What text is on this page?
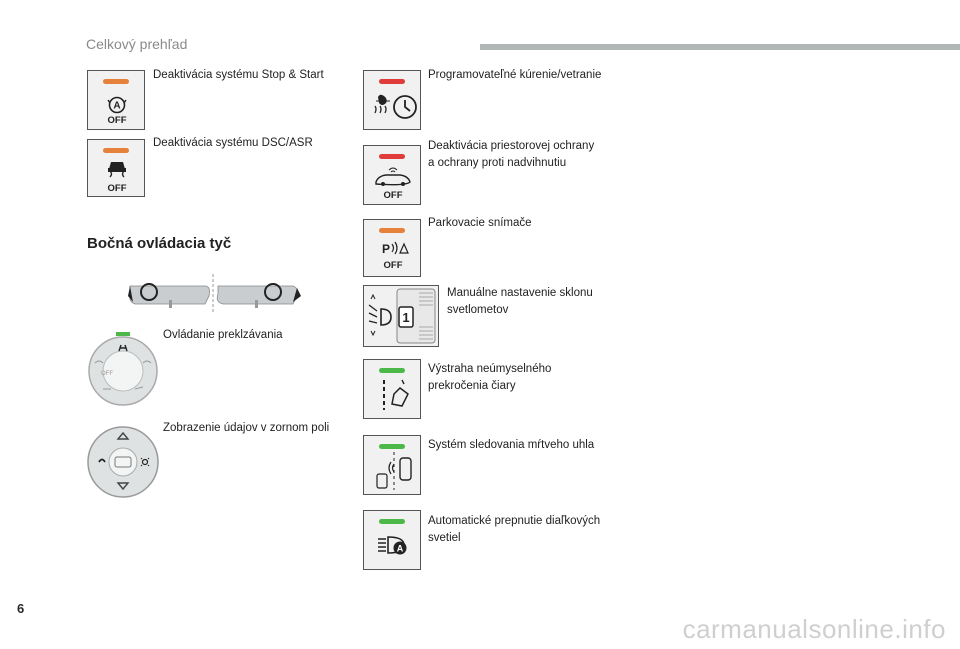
Celkový prehľad
A
OFF
Deaktivácia systému Stop & Start
OFF
Deaktivácia systému DSC/ASR
Bočná ovládacia tyč
OFF
Ovládanie preklzávania
Zobrazenie údajov v zornom poli
Programovateľné kúrenie/vetranie
OFF
Deaktivácia priestorovej ochrany
a ochrany proti nadvihnutiu
P
OFF
Parkovacie snímače
1
Manuálne nastavenie sklonu
svetlometov
Výstraha neúmyselného
prekročenia čiary
Systém sledovania mŕtveho uhla
A
Automatické prepnutie diaľkových
svetiel
6
carmanualsonline.info
